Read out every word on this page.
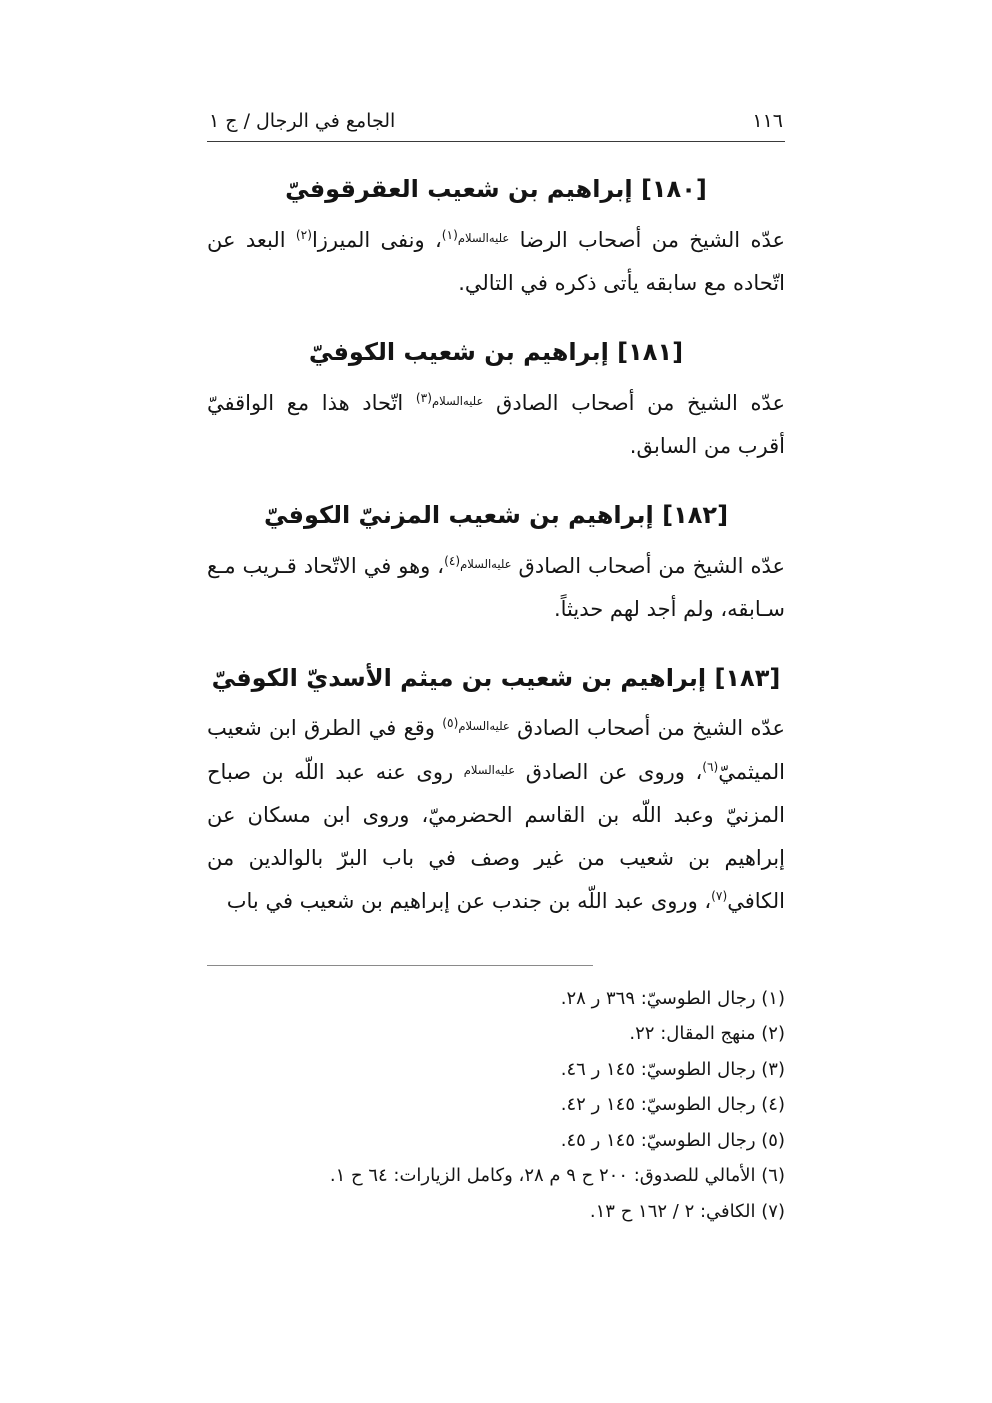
الجامع في الرجال / ج ١	١١٦
[١٨٠] إبراهيم بن شعيب العقرقوفيّ

عدّه الشيخ من أصحاب الرضا $^{عليه‌السلام(١)}$، ونفى الميرزا$^{(٢)}$ البعد عن اتّحاده مع سابقه يأتى ذكره في التالي.

[١٨١] إبراهيم بن شعيب الكوفيّ

عدّه الشيخ من أصحاب الصادق $^{عليه‌السلام(٣)}$ اتّحاد هذا مع الواقفيّ أقرب من السابق.

[١٨٢] إبراهيم بن شعيب المزنيّ الكوفيّ

عدّه الشيخ من أصحاب الصادق $^{عليه‌السلام(٤)}$، وهو في الاتّحاد قـريب مـع سـابقه، ولم أجد لهم حديثاً.

[١٨٣] إبراهيم بن شعيب بن ميثم الأسديّ الكوفيّ

عدّه الشيخ من أصحاب الصادق $^{عليه‌السلام(٥)}$ وقع في الطرق ابن شعيب الميثميّ$^{(٦)}$، وروى عن الصادق $^{عليه‌السلام}$ روى عنه عبد اللّه بن صباح المزنيّ وعبد اللّه بن القاسم الحضرميّ، وروى ابن مسكان عن إبراهيم بن شعيب من غير وصف في باب البرّ بالوالدين من الكافي$^{(٧)}$، وروى عبد اللّه بن جندب عن إبراهيم بن شعيب في باب

(١) رجال الطوسيّ: ٣٦٩ ر ٢٨.

(٢) منهج المقال: ٢٢.

(٣) رجال الطوسيّ: ١٤٥ ر ٤٦.

(٤) رجال الطوسيّ: ١٤٥ ر ٤٢.

(٥) رجال الطوسيّ: ١٤٥ ر ٤٥.

(٦) الأمالي للصدوق: ٢٠٠ ح ٩ م ٢٨، وكامل الزيارات: ٦٤ ح ١.

(٧) الكافي: ٢ / ١٦٢ ح ١٣.
